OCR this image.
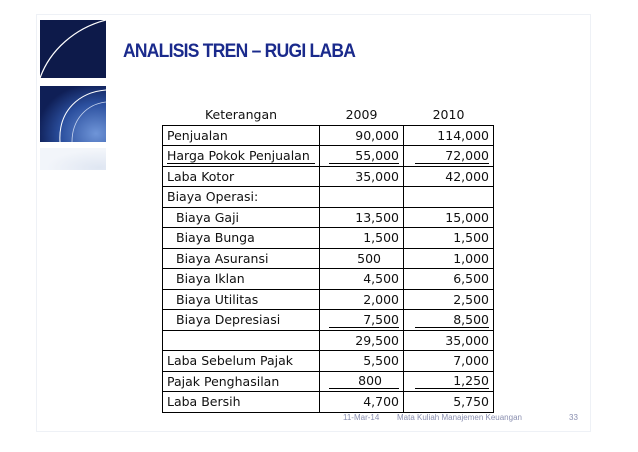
ANALISIS TREN – RUGI LABA
Keterangan	2009	2010
Penjualan	90,000	114,000
Harga Pokok Penjualan	55,000	72,000
Laba Kotor	35,000	42,000
Biaya Operasi:		
Biaya Gaji	13,500	15,000
Biaya Bunga	1,500	1,500
Biaya Asuransi	500	1,000
Biaya Iklan	4,500	6,500
Biaya Utilitas	2,000	2,500
Biaya Depresiasi	7,500	8,500
	29,500	35,000
Laba Sebelum Pajak	5,500	7,000
Pajak Penghasilan	800	1,250
Laba Bersih	4,700	5,750
11-Mar-14 Mata Kuliah Manajemen Keuangan	33
